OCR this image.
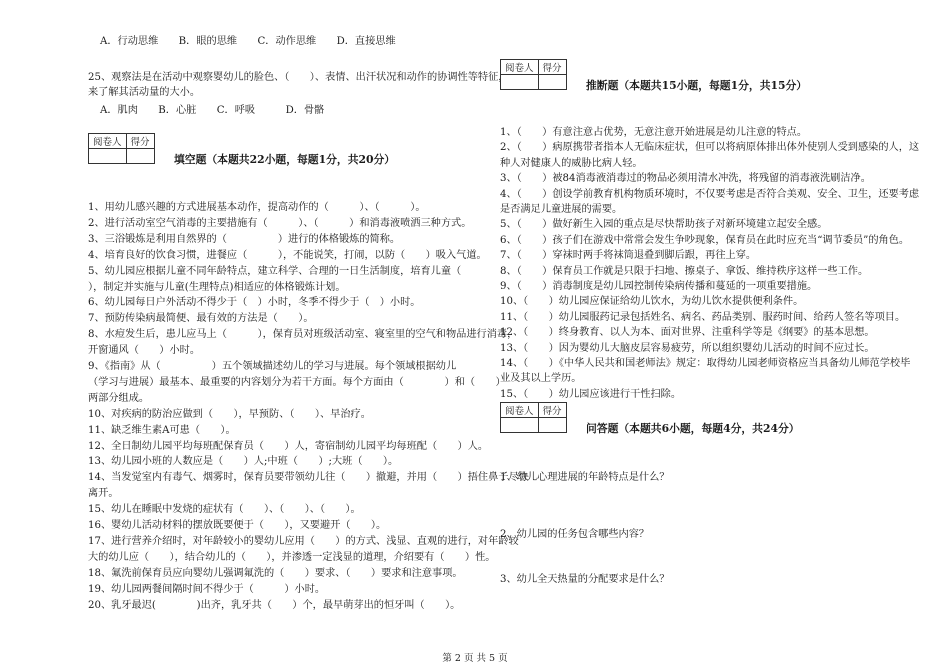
A．行动思维　　B．眼的思维　　C．动作思维　　D．直接思维
25、观察法是在活动中观察婴幼儿的脸色、（　　）、表情、出汗状况和动作的协调性等特征，
来了解其活动量的大小。
A．肌肉　　B．心脏　　C．呼吸　　　D．骨骼
阅卷人	得分

填空题（本题共22小题，每题1分，共20分）
1、用幼儿感兴趣的方式进展基本动作，提高动作的（　　　）、（　　　）。
2、进行活动室空气消毒的主要措施有（　　　）、（　　　）和消毒液喷洒三种方式。
3、三浴锻炼是利用自然界的（　　　　　）进行的体格锻炼的简称。
4、培育良好的饮食习惯，进餐应（　　　），不能说笑，打闹，以防（　　）吸入气道。
5、幼儿园应根据儿童不同年龄特点，建立科学、合理的一日生活制度，培育儿童（　　　
），制定并实施与儿童(生理特点)相适应的体格锻炼计划。
6、幼儿园每日户外活动不得少于（　）小时，冬季不得少于（　）小时。
7、预防传染病最简便、最有效的方法是（　　）。
8、水痘发生后，患儿应马上（　　　），保育员对班级活动室、寝室里的空气和物品进行消毒，
开窗通风（　　）小时。
9、《指南》从（　　　　　）五个领域描述幼儿的学习与进展。每个领域根据幼儿
（学习与进展）最基本、最重要的内容划分为若干方面。每个方面由（　　　　）和（　　）
两部分组成。
10、对疾病的防治应做到（　　），早预防、（　　）、早治疗。
11、缺乏维生素A可患（　　）。
12、全日制幼儿园平均每班配保育员（　　）人，寄宿制幼儿园平均每班配（　　）人。
13、幼儿园小班的人数应是（　　）人;中班（　　）;大班（　　）。
14、当发觉室内有毒气、烟雾时，保育员要带领幼儿往（　　）撤避，并用（　　）捂住鼻子尽快
离开。
15、幼儿在睡眠中发烧的症状有（　　）、（　　）、（　　）。
16、婴幼儿活动材料的摆放既要便于（　　），又要避开（　　）。
17、进行营养介绍时，对年龄较小的婴幼儿应用（　　）的方式、浅显、直观的进行，对年龄较
大的幼儿应（　　），结合幼儿的（　　），并渗透一定浅显的道理，介绍要有（　　）性。
18、氟洗前保育员应向婴幼儿强调氟洗的（　　）要求、（　　）要求和注意事项。
19、幼儿园两餐间隔时间不得少于（　　　）小时。
20、乳牙最迟(　　　　)出齐，乳牙共（　　）个，最早萌芽出的恒牙叫（　　）。
阅卷人	得分

推断题（本题共15小题，每题1分，共15分）
1、（　　）有意注意占优势，无意注意开始进展是幼儿注意的特点。
2、（　　）病原携带者指本人无临床症状，但可以将病原体排出体外使别人受到感染的人，这
种人对健康人的威胁比病人轻。
3、（　　）被84消毒液消毒过的物品必须用清水冲洗，将残留的消毒液洗刷洁净。
4、（　　）创设学前教育机构物质环境时，不仅要考虑是否符合美观、安全、卫生，还要考虑
是否满足儿童进展的需要。
5、（　　）做好新生入园的重点是尽快帮助孩子对新环境建立起安全感。
6、（　　）孩子们在游戏中常常会发生争吵现象，保育员在此时应充当“调节委员”的角色。
7、（　　）穿袜时两手将袜筒退叠到脚后跟，再往上穿。
8、（　　）保育员工作就是只限于扫地、擦桌子、拿饭、维持秩序这样一些工作。
9、（　　）消毒制度是幼儿园控制传染病传播和蔓延的一项重要措施。
10、（　　）幼儿园应保证给幼儿饮水，为幼儿饮水提供便利条件。
11、（　　）幼儿园服药记录包括姓名、病名、药品类别、服药时间、给药人签名等项目。
12、（　　）终身教育、以人为本、面对世界、注重科学等是《纲要》的基本思想。
13、（　　）因为婴幼儿大脑皮层容易疲劳，所以组织婴幼儿活动的时间不应过长。
14、（　　）《中华人民共和国老师法》规定：取得幼儿园老师资格应当具备幼儿师范学校毕
业及其以上学历。
15、（　　）幼儿园应该进行干性扫除。
阅卷人	得分

问答题（本题共6小题，每题4分，共24分）
1、幼儿心理进展的年龄特点是什么？
2、幼儿园的任务包含哪些内容？
3、幼儿全天热量的分配要求是什么？
第 2 页 共 5 页
